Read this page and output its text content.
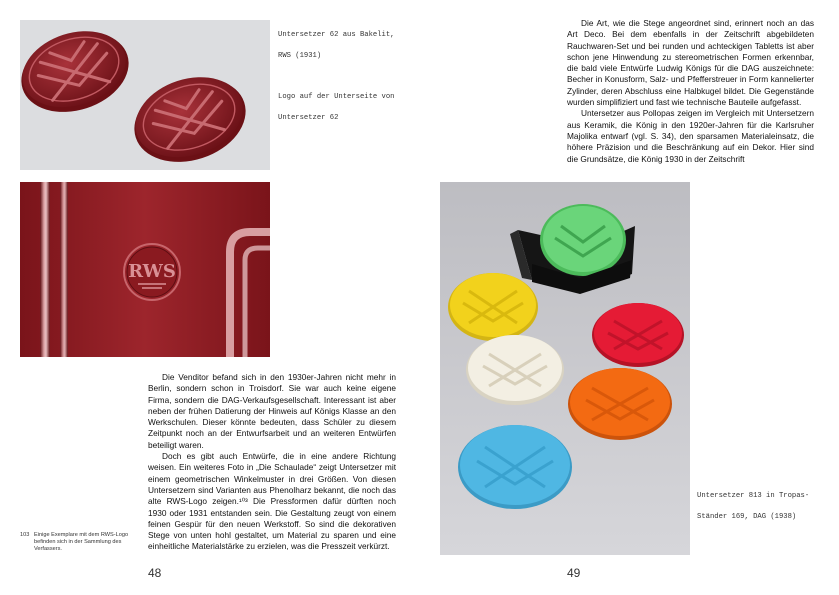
Untersetzer 62 aus Bakelit,

RWS (1931)

Logo auf der Unterseite von

Untersetzer 62

RWS

Die Venditor befand sich in den 1930er-Jahren nicht mehr in Berlin, sondern schon in Troisdorf. Sie war auch keine eigene Firma, sondern die DAG-Verkaufsgesellschaft. Interessant ist aber neben der frühen Datierung der Hinweis auf Königs Klasse an den Werkschulen. Dieser könnte bedeuten, dass Schüler zu diesem Zeitpunkt noch an der Entwurfsarbeit und an weiteren Entwürfen beteiligt waren.

Doch es gibt auch Entwürfe, die in eine andere Richtung weisen. Ein weiteres Foto in „Die Schaulade“ zeigt Untersetzer mit einem geometrischen Winkelmuster in drei Größen. Von diesen Untersetzern sind Varianten aus Phenolharz bekannt, die noch das alte RWS-Logo zeigen.¹⁰³ Die Pressformen dafür dürften noch 1930 oder 1931 entstanden sein. Die Gestaltung zeugt von einem feinen Gespür für den neuen Werkstoff. So sind die dekorativen Stege von unten hohl gestaltet, um Material zu sparen und eine einheitliche Materialstärke zu erzielen, was die Presszeit verkürzt.

103 Einige Exemplare mit dem RWS-Logo befinden sich in der Sammlung des Verfassers.
48

Die Art, wie die Stege angeordnet sind, erinnert noch an das Art Deco. Bei dem ebenfalls in der Zeitschrift abgebildeten Rauchwaren-Set und bei runden und achteckigen Tabletts ist aber schon jene Hinwendung zu stereometrischen Formen erkennbar, die bald viele Entwürfe Ludwig Königs für die DAG auszeichnete: Becher in Konusform, Salz- und Pfefferstreuer in Form kannelierter Zylinder, deren Abschluss eine Halbkugel bildet. Die Gegenstände wurden simplifiziert und fast wie technische Bauteile aufgefasst.

Untersetzer aus Pollopas zeigen im Vergleich mit Untersetzern aus Keramik, die König in den 1920er-Jahren für die Karlsruher Majolika entwarf (vgl. S. 34), den sparsamen Materialeinsatz, die höhere Präzision und die Beschränkung auf ein Dekor. Hier sind die Grundsätze, die König 1930 in der Zeitschrift

Untersetzer 813 in Tropas-

Ständer 169, DAG (1938)

49
